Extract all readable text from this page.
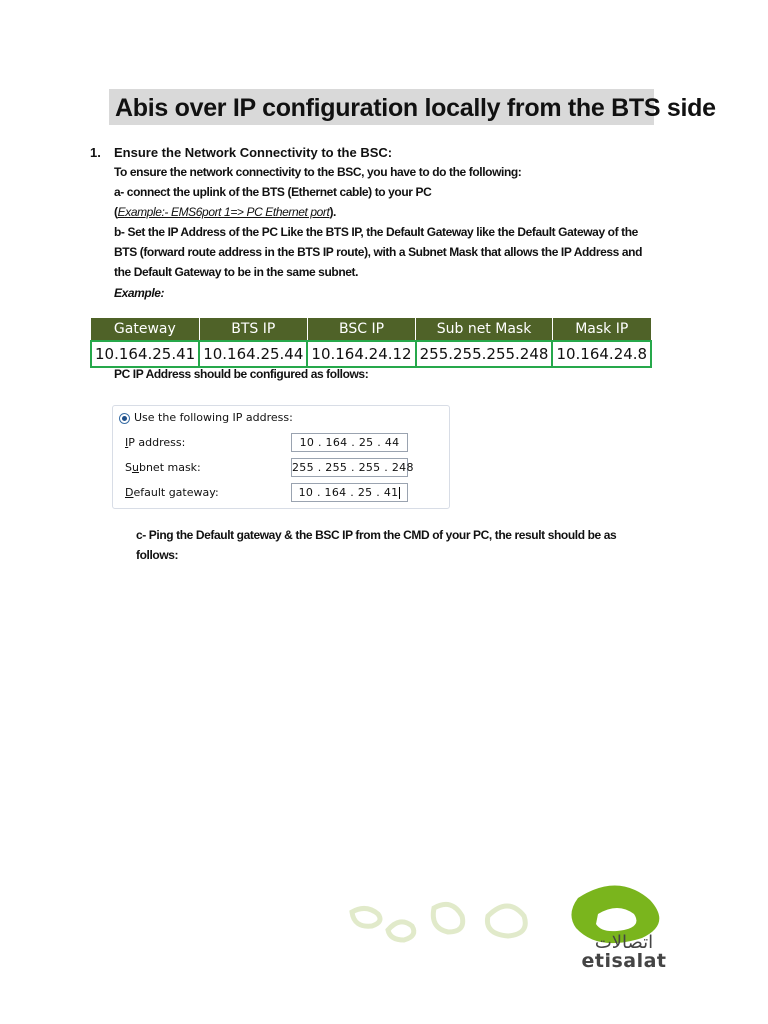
Abis over IP configuration locally from the BTS side
1. Ensure the Network Connectivity to the BSC:
To ensure the network connectivity to the BSC, you have to do the following:
a- connect the uplink of the BTS (Ethernet cable) to your PC
(Example:- EMS6port 1=> PC Ethernet port).
b- Set the IP Address of the PC Like the BTS IP, the Default Gateway like the Default Gateway of the
BTS (forward route address in the BTS IP route), with a Subnet Mask that allows the IP Address and
the Default Gateway to be in the same subnet.
Example:
Gateway	BTS IP	BSC IP	Sub net Mask	Mask IP
10.164.25.41	10.164.25.44	10.164.24.12	255.255.255.248	10.164.24.8
PC IP Address should be configured as follows:
Use the following IP address:
IP address:	10 . 164 . 25 . 44
Subnet mask:	255 . 255 . 255 . 248
Default gateway:	10 . 164 . 25 . 41
c- Ping the Default gateway & the BSC IP from the CMD of your PC, the result should be as
follows:
اتصالات
etisalat
